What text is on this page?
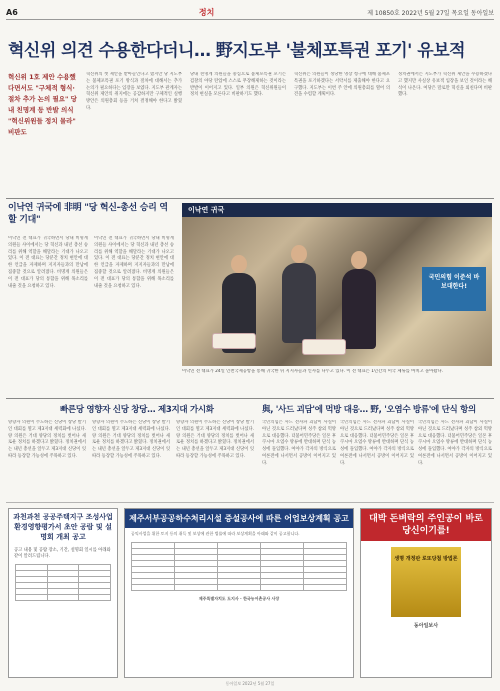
A6	정치	제 10850호 2022년 5월 27일 목요일 동아일보
혁신위 의견 수용한다더니… 野지도부 '불체포특권 포기' 유보적
혁신위 1호 제안 수용했다면서도 "구체적 형식·절차 추가 논의 필요" 당내 친명계 등 반발 의식 "혁신위원들 정치 몰라" 비판도
혁신위의 첫 제안을 받아들인다고 했지만 당 지도부는 불체포특권 포기 방식과 절차에 대해서는 추가 논의가 필요하다는 입장을 보였다. 지도부 관계자는 혁신위 제안의 취지에는 공감하지만 구체적인 실행 방안은 의원총회 등을 거쳐 결정해야 한다고 밝혔다.
당내 친명계 의원들을 중심으로 불체포특권 포기는 검찰의 야당 탄압에 스스로 무장해제하는 것이라는 반발이 이어지고 있다. 일부 의원은 혁신위원들이 정치 현실을 모른다고 비판하기도 했다.
혁신위는 의원들이 정당한 영장 청구에 대해 불체포특권을 포기하겠다는 서약서를 제출해야 한다고 요구했다. 지도부는 이번 주 안에 의원총회를 열어 의견을 수렴할 계획이다.
정치권에서는 지도부가 혁신위 제안을 수용하겠다고 했지만 사실상 유보적 입장을 보인 것이라는 해석이 나온다. 여당은 말로만 혁신을 외친다며 비판했다.
이낙연 귀국에 非明 "당 혁신-총선 승리 역할 기대"
이낙연 전 대표가 귀국하면서 당내 비명계 의원들 사이에서는 당 혁신과 내년 총선 승리를 위해 역할을 해달라는 기대가 나오고 있다. 이 전 대표는 당분간 정치 현안에 대한 언급을 자제하며 지지자들과의 만남에 집중할 것으로 알려졌다. 비명계 의원들은 이 전 대표가 당의 통합을 위해 목소리를 내줄 것을 요청하고 있다.
이낙연 전 대표가 귀국하면서 당내 비명계 의원들 사이에서는 당 혁신과 내년 총선 승리를 위해 역할을 해달라는 기대가 나오고 있다. 이 전 대표는 당분간 정치 현안에 대한 언급을 자제하며 지지자들과의 만남에 집중할 것으로 알려졌다. 비명계 의원들은 이 전 대표가 당의 통합을 위해 목소리를 내줄 것을 요청하고 있다.
이낙연 귀국
국민의힘 이준석 바보대한다!
이낙연 전 대표가 24일 인천국제공항을 통해 귀국한 뒤 지지자들과 인사를 나누고 있다. 이 전 대표는 1년간의 미국 체류를 마치고 돌아왔다.
빠른당 영향자 신당 창당… 제3지대 가시화
양향자 의원이 주도하는 신당이 창당 발기인 대회를 열고 제3지대 세력화에 나섰다. 양 의원은 거대 양당의 정치를 벗어나 새로운 정치를 하겠다고 밝혔다. 정치권에서는 내년 총선을 앞두고 제3지대 신당이 잇따라 등장할 가능성에 주목하고 있다.
양향자 의원이 주도하는 신당이 창당 발기인 대회를 열고 제3지대 세력화에 나섰다. 양 의원은 거대 양당의 정치를 벗어나 새로운 정치를 하겠다고 밝혔다. 정치권에서는 내년 총선을 앞두고 제3지대 신당이 잇따라 등장할 가능성에 주목하고 있다.
양향자 의원이 주도하는 신당이 창당 발기인 대회를 열고 제3지대 세력화에 나섰다. 양 의원은 거대 양당의 정치를 벗어나 새로운 정치를 하겠다고 밝혔다. 정치권에서는 내년 총선을 앞두고 제3지대 신당이 잇따라 등장할 가능성에 주목하고 있다.
與, '사드 괴담'에 먹방 대응… 野, '오염수 방류'에 단식 항의
국민의힘은 사드 전자파 괴담이 사실이 아닌 것으로 드러났다며 성주 참외 먹방으로 대응했다. 더불어민주당은 일본 후쿠시마 오염수 방류에 반대하며 단식 농성에 돌입했다. 여야가 각자의 방식으로 여론전에 나서면서 공방이 이어지고 있다.
국민의힘은 사드 전자파 괴담이 사실이 아닌 것으로 드러났다며 성주 참외 먹방으로 대응했다. 더불어민주당은 일본 후쿠시마 오염수 방류에 반대하며 단식 농성에 돌입했다. 여야가 각자의 방식으로 여론전에 나서면서 공방이 이어지고 있다.
국민의힘은 사드 전자파 괴담이 사실이 아닌 것으로 드러났다며 성주 참외 먹방으로 대응했다. 더불어민주당은 일본 후쿠시마 오염수 방류에 반대하며 단식 농성에 돌입했다. 여야가 각자의 방식으로 여론전에 나서면서 공방이 이어지고 있다.
과천과천 공공주택지구 조성사업 환경영향평가서 초안 공람 및 설명회 개최 공고
공고 내용 및 공람 장소, 기간, 설명회 일시를 아래와 같이 알려드립니다.

제주서부공공하수처리시설 증설공사에 따른 어업보상계획 공고
공익사업을 위한 토지 등의 취득 및 보상에 관한 법률에 따라 보상계획을 아래와 같이 공고합니다.

제주특별자치도 도지사 · 한국농어촌공사 사장
대박 돈벼락의 주인공이 바로 당신이기를!
생명 개정판 로또당첨 방법론
동아일보사
동아일보 2022년 5월 27일
